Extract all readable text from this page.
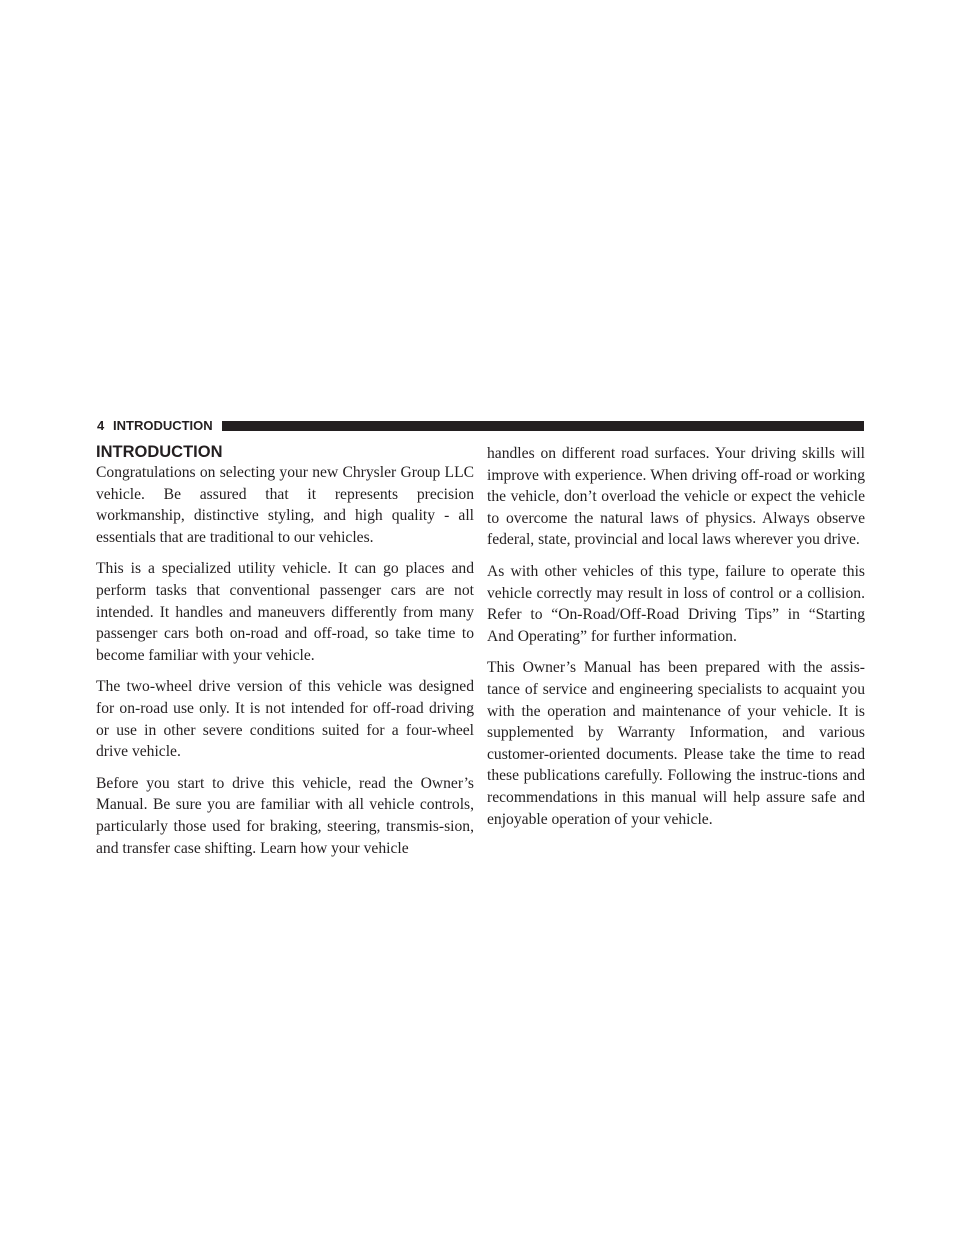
4 INTRODUCTION
INTRODUCTION

Congratulations on selecting your new Chrysler Group LLC vehicle. Be assured that it represents precision workmanship, distinctive styling, and high quality - all essentials that are traditional to our vehicles.

This is a specialized utility vehicle. It can go places and perform tasks that conventional passenger cars are not intended. It handles and maneuvers differently from many passenger cars both on-road and off-road, so take time to become familiar with your vehicle.

The two-wheel drive version of this vehicle was designed for on-road use only. It is not intended for off-road driving or use in other severe conditions suited for a four-wheel drive vehicle.

Before you start to drive this vehicle, read the Owner’s Manual. Be sure you are familiar with all vehicle controls, particularly those used for braking, steering, transmis-sion, and transfer case shifting. Learn how your vehicle

handles on different road surfaces. Your driving skills will improve with experience. When driving off-road or working the vehicle, don’t overload the vehicle or expect the vehicle to overcome the natural laws of physics. Always observe federal, state, provincial and local laws wherever you drive.

As with other vehicles of this type, failure to operate this vehicle correctly may result in loss of control or a collision. Refer to “On-Road/Off-Road Driving Tips” in “Starting And Operating” for further information.

This Owner’s Manual has been prepared with the assis-tance of service and engineering specialists to acquaint you with the operation and maintenance of your vehicle. It is supplemented by Warranty Information, and various customer-oriented documents. Please take the time to read these publications carefully. Following the instruc-tions and recommendations in this manual will help assure safe and enjoyable operation of your vehicle.
